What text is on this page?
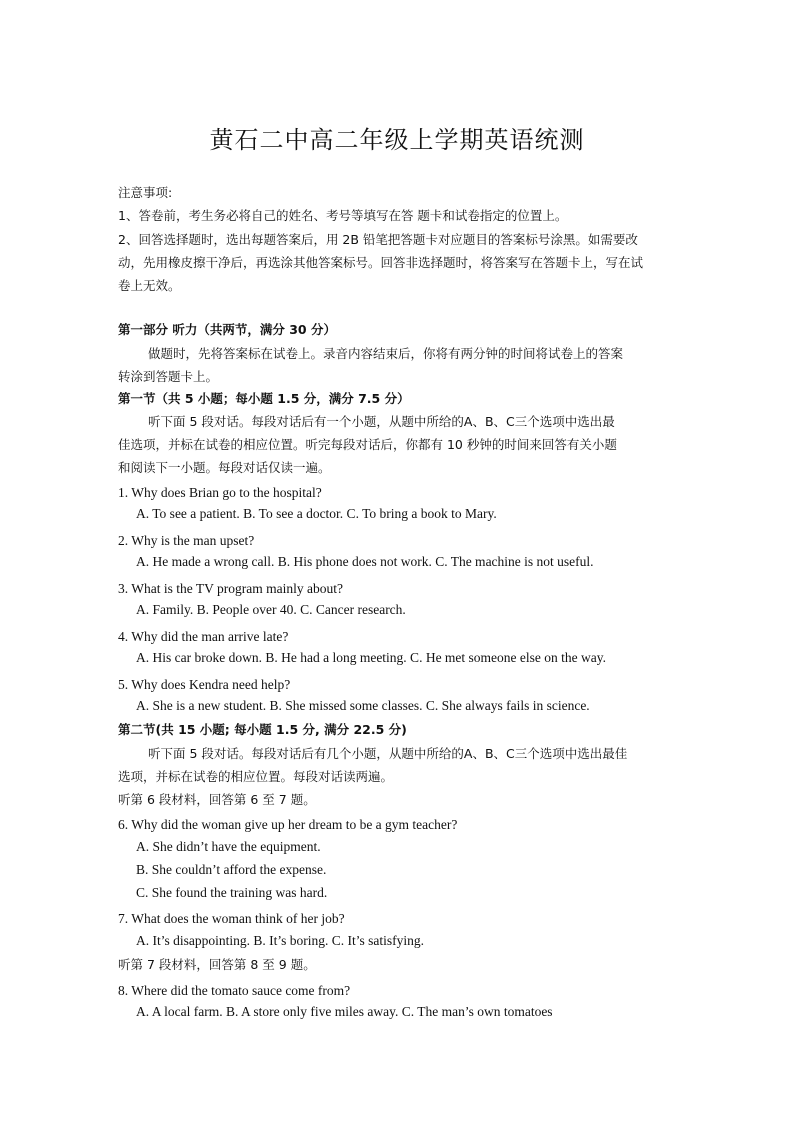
黄石二中高二年级上学期英语统测
注意事项:
1、答卷前，考生务必将自己的姓名、考号等填写在答 题卡和试卷指定的位置上。
2、回答选择题时，选出每题答案后，用 2B 铅笔把答题卡对应题目的答案标号涂黑。如需要改
动，先用橡皮擦干净后，再选涂其他答案标号。回答非选择题时，将答案写在答题卡上，写在试
卷上无效。
第一部分 听力（共两节，满分 30 分）
做题时，先将答案标在试卷上。录音内容结束后，你将有两分钟的时间将试卷上的答案
转涂到答题卡上。
第一节（共 5 小题；每小题 1.5 分，满分 7.5 分）
听下面 5 段对话。每段对话后有一个小题，从题中所给的A、B、C三个选项中选出最
佳选项，并标在试卷的相应位置。听完每段对话后，你都有 10 秒钟的时间来回答有关小题
和阅读下一小题。每段对话仅读一遍。
1. Why does Brian go to the hospital?
A. To see a patient. B. To see a doctor. C. To bring a book to Mary.
2. Why is the man upset?
A. He made a wrong call. B. His phone does not work. C. The machine is not useful.
3. What is the TV program mainly about?
A. Family. B. People over 40. C. Cancer research.
4. Why did the man arrive late?
A. His car broke down. B. He had a long meeting. C. He met someone else on the way.
5. Why does Kendra need help?
A. She is a new student. B. She missed some classes. C. She always fails in science.
第二节(共 15 小题; 每小题 1.5 分, 满分 22.5 分)
听下面 5 段对话。每段对话后有几个小题，从题中所给的A、B、C三个选项中选出最佳
选项，并标在试卷的相应位置。每段对话读两遍。
听第 6 段材料，回答第 6 至 7 题。
6. Why did the woman give up her dream to be a gym teacher?
A. She didn’t have the equipment.
B. She couldn’t afford the expense.
C. She found the training was hard.
7. What does the woman think of her job?
A. It’s disappointing. B. It’s boring. C. It’s satisfying.
听第 7 段材料，回答第 8 至 9 题。
8. Where did the tomato sauce come from?
A. A local farm. B. A store only five miles away. C. The man’s own tomatoes
